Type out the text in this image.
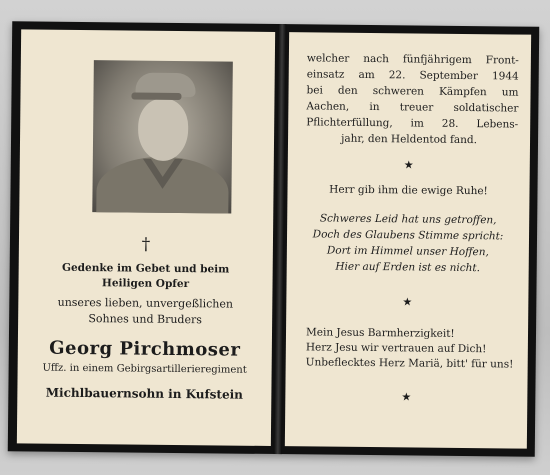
†
Gedenke im Gebet und beim
Heiligen Opfer
unseres lieben, unvergeßlichen
Sohnes und Bruders
Georg Pirchmoser
Uffz. in einem Gebirgsartillerieregiment
Michlbauernsohn in Kufstein
welcher nach fünfjährigem Front-
einsatz am 22. September 1944
bei den schweren Kämpfen um
Aachen, in treuer soldatischer
Pflichterfüllung, im 28. Lebens-
jahr, den Heldentod fand.
★
Herr gib ihm die ewige Ruhe!
Schweres Leid hat uns getroffen,
Doch des Glaubens Stimme spricht:
Dort im Himmel unser Hoffen,
Hier auf Erden ist es nicht.
★
Mein Jesus Barmherzigkeit!
Herz Jesu wir vertrauen auf Dich!
Unbeflecktes Herz Mariä, bitt' für uns!
★
